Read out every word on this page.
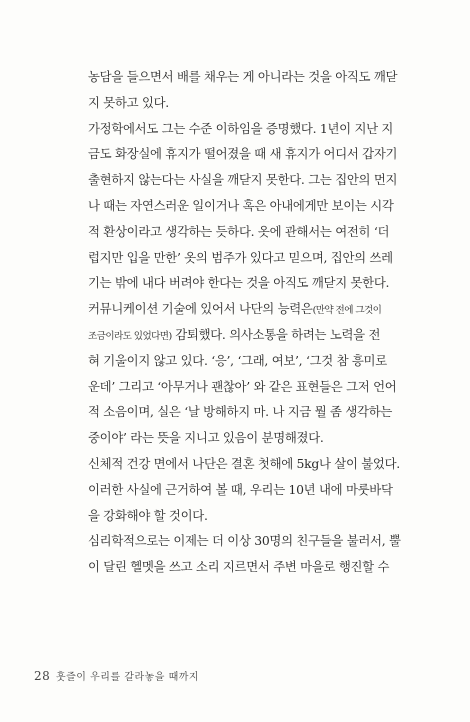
농담을 들으면서 배를 채우는 게 아니라는 것을 아직도 깨닫
지 못하고 있다.
가정학에서도 그는 수준 이하임을 증명했다. 1년이 지난 지
금도 화장실에 휴지가 떨어졌을 때 새 휴지가 어디서 갑자기
출현하지 않는다는 사실을 깨닫지 못한다. 그는 집안의 먼지
나 때는 자연스러운 일이거나 혹은 아내에게만 보이는 시각
적 환상이라고 생각하는 듯하다. 옷에 관해서는 여전히 ‘더
럽지만 입을 만한’ 옷의 범주가 있다고 믿으며, 집안의 쓰레
기는 밖에 내다 버려야 한다는 것을 아직도 깨닫지 못한다.
커뮤니케이션 기술에 있어서 나단의 능력은(만약 전에 그것이
조금이라도 있었다면) 감퇴했다. 의사소통을 하려는 노력을 전
혀 기울이지 않고 있다. ‘응’, ‘그래, 여보’, ‘그것 참 흥미로
운데’ 그리고 ‘아무거나 괜찮아’ 와 같은 표현들은 그저 언어
적 소음이며, 실은 ‘날 방해하지 마. 나 지금 뭘 좀 생각하는
중이야’ 라는 뜻을 지니고 있음이 분명해졌다.
신체적 건강 면에서 나단은 결혼 첫해에 5kg나 살이 불었다.
이러한 사실에 근거하여 볼 때, 우리는 10년 내에 마룻바닥
을 강화해야 할 것이다.
심리학적으로는 이제는 더 이상 30명의 친구들을 불러서, 뿔
이 달린 헬멧을 쓰고 소리 지르면서 주변 마을로 행진할 수
28 훗즐이 우리를 갈라놓을 때까지
